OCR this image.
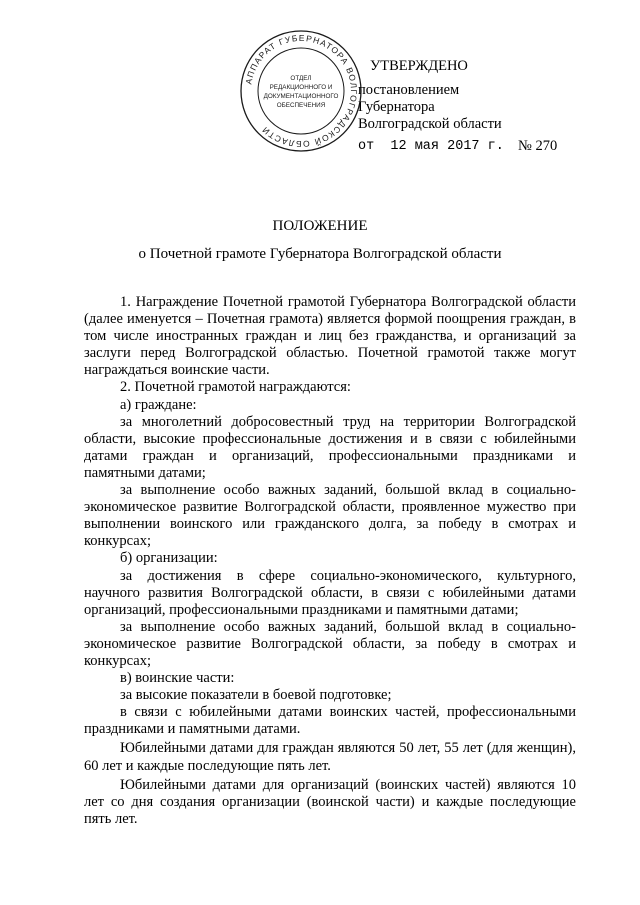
АППАРАТ ГУБЕРНАТОРА ВОЛГОГРАДСКОЙ ОБЛАСТИ
ОТДЕЛ
РЕДАКЦИОННОГО И
ДОКУМЕНТАЦИОННОГО
ОБЕСПЕЧЕНИЯ
УТВЕРЖДЕНО
постановлением
Губернатора
Волгоградской области
от  12 мая 2017 г. № 270
ПОЛОЖЕНИЕ
о Почетной грамоте Губернатора Волгоградской области

1. Награждение Почетной грамотой Губернатора Волгоградской области (далее именуется – Почетная грамота) является формой поощрения граждан, в том числе иностранных граждан и лиц без гражданства, и организаций за заслуги перед Волгоградской областью. Почетной грамотой также могут награждаться воинские части.

2. Почетной грамотой награждаются:

а) граждане:

за многолетний добросовестный труд на территории Волгоградской области, высокие профессиональные достижения и в связи с юбилейными датами граждан и организаций, профессиональными праздниками и памятными датами;

за выполнение особо важных заданий, большой вклад в социально-экономическое развитие Волгоградской области, проявленное мужество при выполнении воинского или гражданского долга, за победу в смотрах и конкурсах;

б) организации:

за достижения в сфере социально-экономического, культурного, научного развития Волгоградской области, в связи с юбилейными датами организаций, профессиональными праздниками и памятными датами;

за выполнение особо важных заданий, большой вклад в социально-экономическое развитие Волгоградской области, за победу в смотрах и конкурсах;

в) воинские части:

за высокие показатели в боевой подготовке;

в связи с юбилейными датами воинских частей, профессиональными праздниками и памятными датами.

Юбилейными датами для граждан являются 50 лет, 55 лет (для женщин), 60 лет и каждые последующие пять лет.

Юбилейными датами для организаций (воинских частей) являются 10 лет со дня создания организации (воинской части) и каждые последующие пять лет.
